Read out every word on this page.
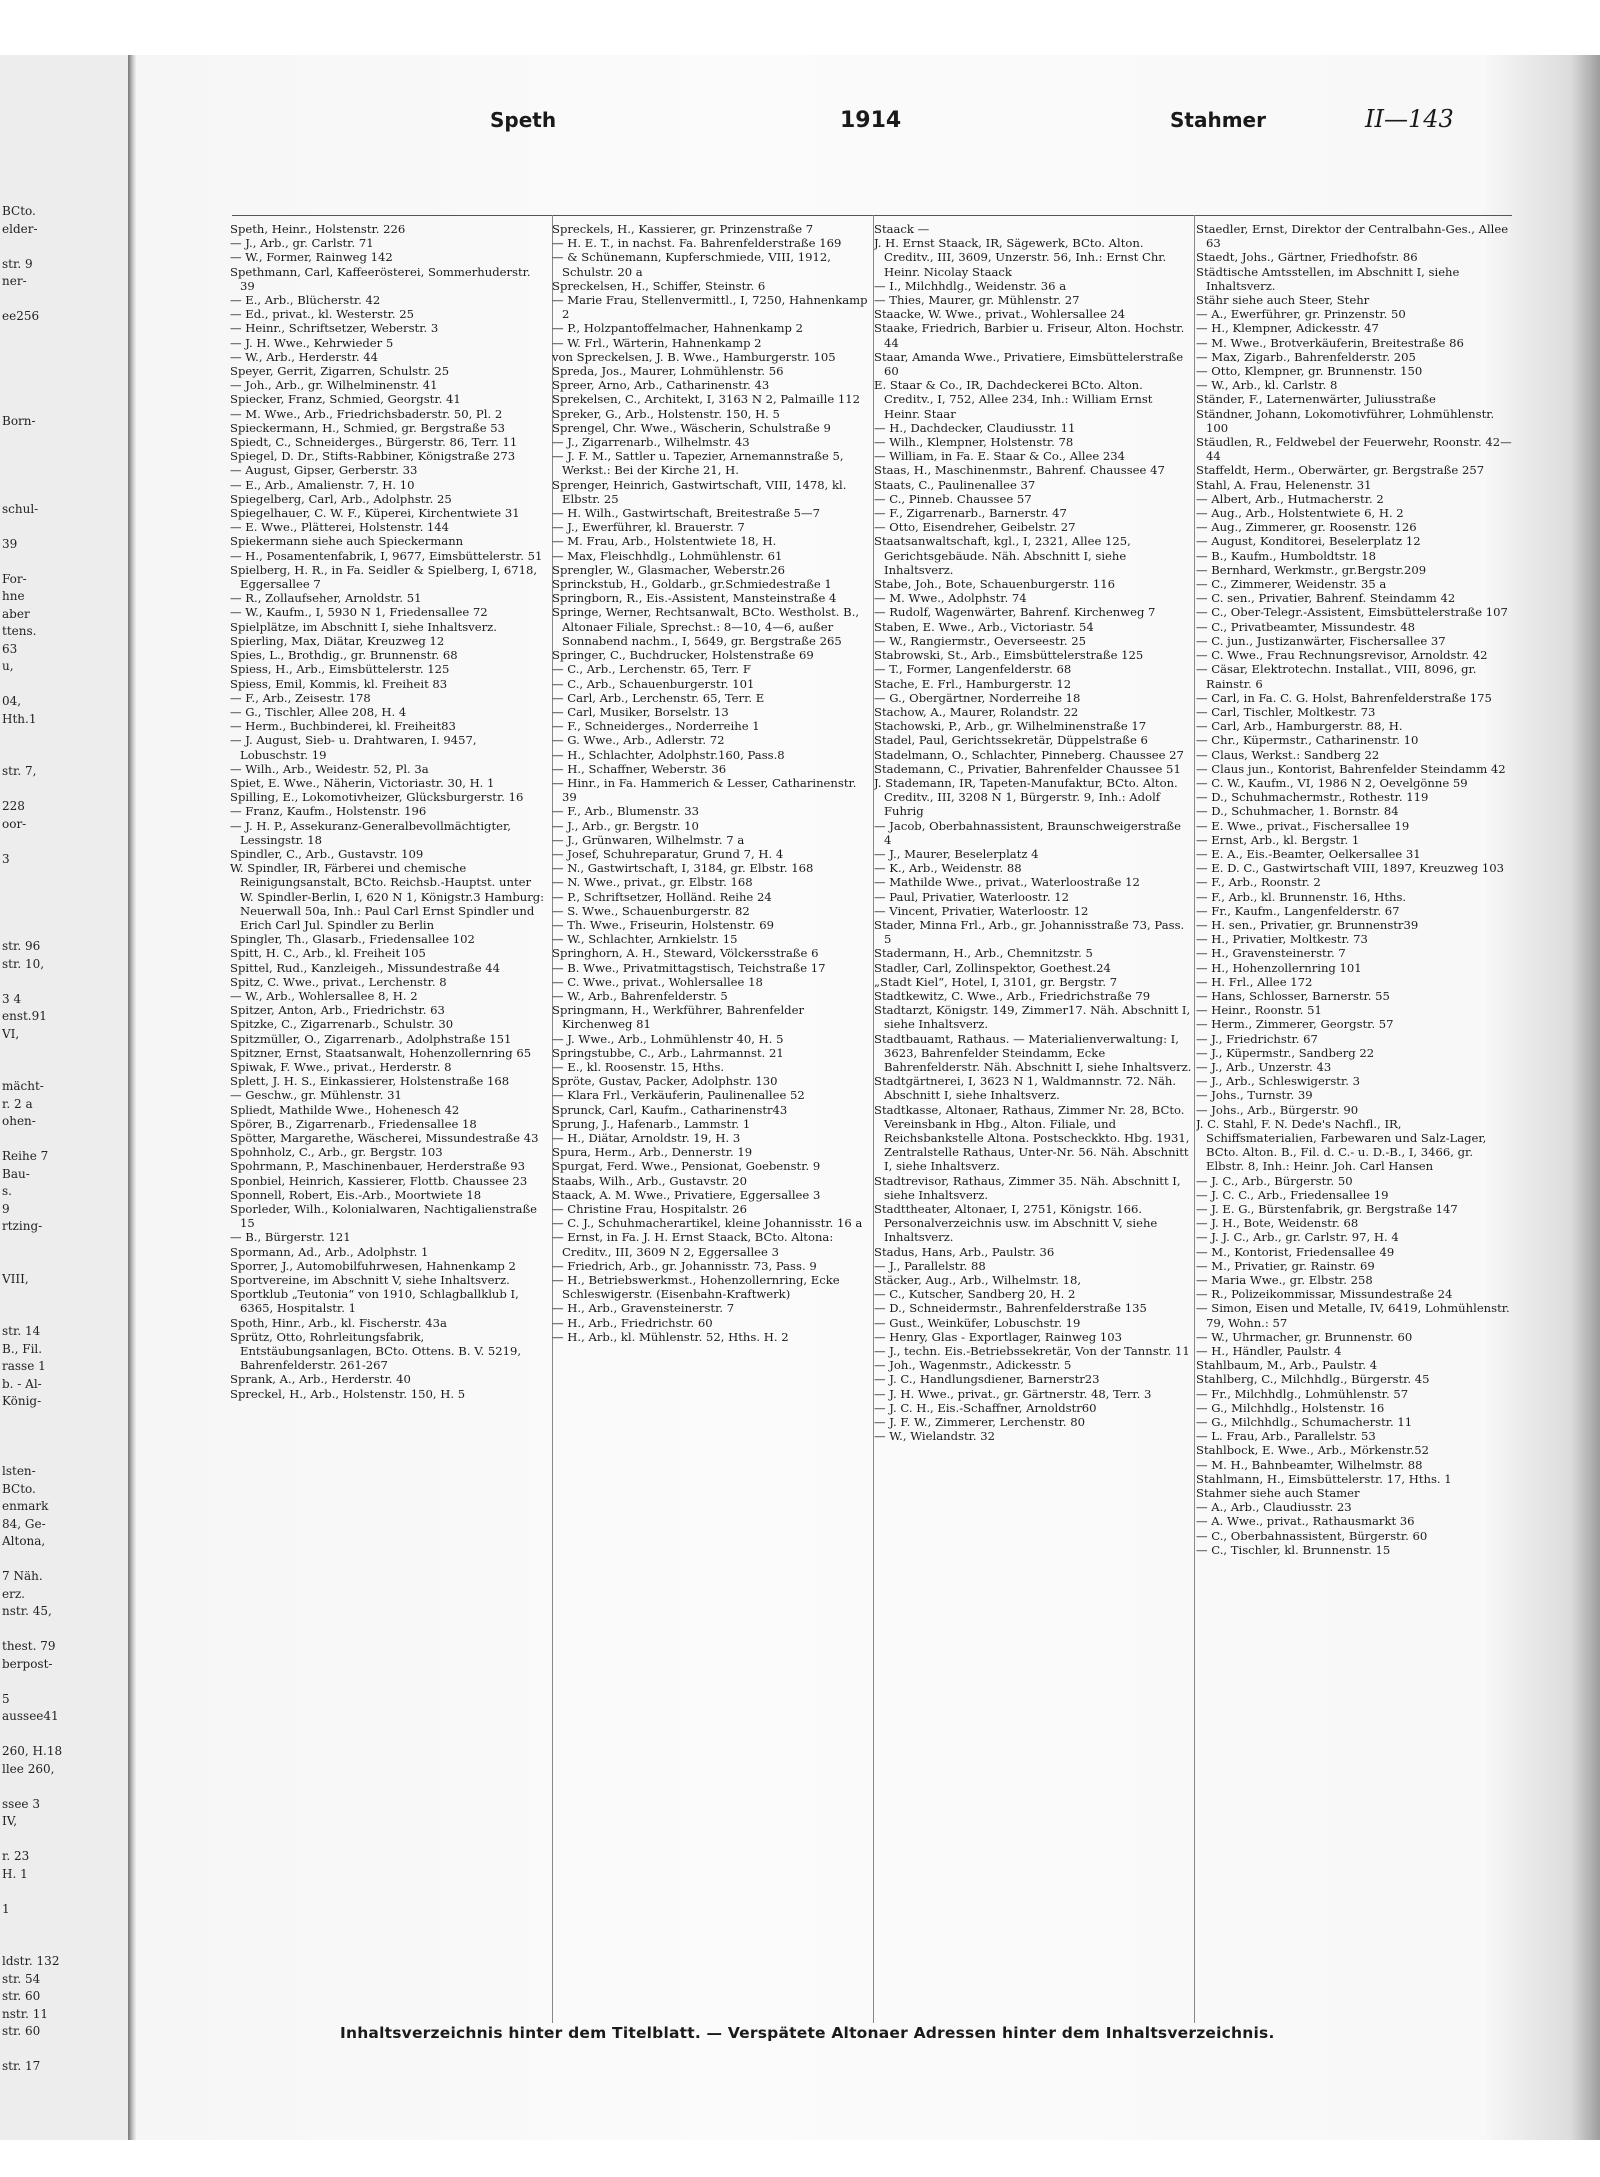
BCto.
elder-

str. 9
ner-

ee256

Born-

schul-

39

For-
hne
aber
ttens.
63
u,

04,
Hth.1

str. 7,

228
oor-

3

str. 96
str. 10,

3 4
enst.91
VI,

mächt-
r. 2 a
ohen-

Reihe 7
Bau-
s.
9
rtzing-

VIII,

str. 14
B., Fil.
rasse 1
b. - Al-
König-

lsten-
BCto.
enmark
84, Ge-
Altona,

7 Näh.
erz.
nstr. 45,

thest. 79
berpost-

5
aussee41

260, H.18
llee 260,

ssee 3
IV,

r. 23
H. 1

1

ldstr. 132
str. 54
str. 60
nstr. 11
str. 60

str. 17
Speth	1914	Stahmer	II—143

Speth, Heinr., Holstenstr. 226

— J., Arb., gr. Carlstr. 71

— W., Former, Rainweg 142

Spethmann, Carl, Kaffeerösterei, Sommerhuderstr. 39

— E., Arb., Blücherstr. 42

— Ed., privat., kl. Westerstr. 25

— Heinr., Schriftsetzer, Weberstr. 3

— J. H. Wwe., Kehrwieder 5

— W., Arb., Herderstr. 44

Speyer, Gerrit, Zigarren, Schulstr. 25

— Joh., Arb., gr. Wilhelminenstr. 41

Spiecker, Franz, Schmied, Georgstr. 41

— M. Wwe., Arb., Friedrichsbaderstr. 50, Pl. 2

Spieckermann, H., Schmied, gr. Bergstraße 53

Spiedt, C., Schneiderges., Bürgerstr. 86, Terr. 11

Spiegel, D. Dr., Stifts-Rabbiner, Königstraße 273

— August, Gipser, Gerberstr. 33

— E., Arb., Amalienstr. 7, H. 10

Spiegelberg, Carl, Arb., Adolphstr. 25

Spiegelhauer, C. W. F., Küperei, Kirchentwiete 31

— E. Wwe., Plätterei, Holstenstr. 144

Spiekermann siehe auch Spieckermann

— H., Posamentenfabrik, I, 9677, Eimsbüttelerstr. 51

Spielberg, H. R., in Fa. Seidler & Spielberg, I, 6718, Eggersallee 7

— R., Zollaufseher, Arnoldstr. 51

— W., Kaufm., I, 5930 N 1, Friedensallee 72

Spielplätze, im Abschnitt I, siehe Inhaltsverz.

Spierling, Max, Diätar, Kreuzweg 12

Spies, L., Brothdig., gr. Brunnenstr. 68

Spiess, H., Arb., Eimsbüttelerstr. 125

Spiess, Emil, Kommis, kl. Freiheit 83

— F., Arb., Zeisestr. 178

— G., Tischler, Allee 208, H. 4

— Herm., Buchbinderei, kl. Freiheit83

— J. August, Sieb- u. Drahtwaren, I. 9457, Lobuschstr. 19

— Wilh., Arb., Weidestr. 52, Pl. 3a

Spiet, E. Wwe., Näherin, Victoriastr. 30, H. 1

Spilling, E., Lokomotivheizer, Glücksburgerstr. 16

— Franz, Kaufm., Holstenstr. 196

— J. H. P., Assekuranz-Generalbevollmächtigter, Lessingstr. 18

Spindler, C., Arb., Gustavstr. 109

W. Spindler, IR, Färberei und chemische Reinigungsanstalt, BCto. Reichsb.-Hauptst. unter W. Spindler-Berlin, I, 620 N 1, Königstr.3 Hamburg: Neuerwall 50a, Inh.: Paul Carl Ernst Spindler und Erich Carl Jul. Spindler zu Berlin

Spingler, Th., Glasarb., Friedensallee 102

Spitt, H. C., Arb., kl. Freiheit 105

Spittel, Rud., Kanzleigeh., Missundestraße 44

Spitz, C. Wwe., privat., Lerchenstr. 8

— W., Arb., Wohlersallee 8, H. 2

Spitzer, Anton, Arb., Friedrichstr. 63

Spitzke, C., Zigarrenarb., Schulstr. 30

Spitzmüller, O., Zigarrenarb., Adolphstraße 151

Spitzner, Ernst, Staatsanwalt, Hohenzollernring 65

Spiwak, F. Wwe., privat., Herderstr. 8

Splett, J. H. S., Einkassierer, Holstenstraße 168

— Geschw., gr. Mühlenstr. 31

Spliedt, Mathilde Wwe., Hohenesch 42

Spörer, B., Zigarrenarb., Friedensallee 18

Spötter, Margarethe, Wäscherei, Missundestraße 43

Spohnholz, C., Arb., gr. Bergstr. 103

Spohrmann, P., Maschinenbauer, Herderstraße 93

Sponbiel, Heinrich, Kassierer, Flottb. Chaussee 23

Sponnell, Robert, Eis.-Arb., Moortwiete 18

Sporleder, Wilh., Kolonialwaren, Nachtigalienstraße 15

— B., Bürgerstr. 121

Spormann, Ad., Arb., Adolphstr. 1

Sporrer, J., Automobilfuhrwesen, Hahnenkamp 2

Sportvereine, im Abschnitt V, siehe Inhaltsverz.

Sportklub „Teutonia“ von 1910, Schlagballklub I, 6365, Hospitalstr. 1

Spoth, Hinr., Arb., kl. Fischerstr. 43a

Sprütz, Otto, Rohrleitungsfabrik, Entstäubungsanlagen, BCto. Ottens. B. V. 5219, Bahrenfelderstr. 261-267

Sprank, A., Arb., Herderstr. 40

Spreckel, H., Arb., Holstenstr. 150, H. 5

Spreckels, H., Kassierer, gr. Prinzenstraße 7

— H. E. T., in nachst. Fa. Bahrenfelderstraße 169

— & Schünemann, Kupferschmiede, VIII, 1912, Schulstr. 20 a

Spreckelsen, H., Schiffer, Steinstr. 6

— Marie Frau, Stellenvermittl., I, 7250, Hahnenkamp 2

— P., Holzpantoffelmacher, Hahnenkamp 2

— W. Frl., Wärterin, Hahnenkamp 2

von Spreckelsen, J. B. Wwe., Hamburgerstr. 105

Spreda, Jos., Maurer, Lohmühlenstr. 56

Spreer, Arno, Arb., Catharinenstr. 43

Sprekelsen, C., Architekt, I, 3163 N 2, Palmaille 112

Spreker, G., Arb., Holstenstr. 150, H. 5

Sprengel, Chr. Wwe., Wäscherin, Schulstraße 9

— J., Zigarrenarb., Wilhelmstr. 43

— J. F. M., Sattler u. Tapezier, Arnemannstraße 5, Werkst.: Bei der Kirche 21, H.

Sprenger, Heinrich, Gastwirtschaft, VIII, 1478, kl. Elbstr. 25

— H. Wilh., Gastwirtschaft, Breitestraße 5—7

— J., Ewerführer, kl. Brauerstr. 7

— M. Frau, Arb., Holstentwiete 18, H.

— Max, Fleischhdlg., Lohmühlenstr. 61

Sprengler, W., Glasmacher, Weberstr.26

Sprinckstub, H., Goldarb., gr.Schmiedestraße 1

Springborn, R., Eis.-Assistent, Mansteinstraße 4

Springe, Werner, Rechtsanwalt, BCto. Westholst. B., Altonaer Filiale, Sprechst.: 8—10, 4—6, außer Sonnabend nachm., I, 5649, gr. Bergstraße 265

Springer, C., Buchdrucker, Holstenstraße 69

— C., Arb., Lerchenstr. 65, Terr. F

— C., Arb., Schauenburgerstr. 101

— Carl, Arb., Lerchenstr. 65, Terr. E

— Carl, Musiker, Borselstr. 13

— F., Schneiderges., Norderreihe 1

— G. Wwe., Arb., Adlerstr. 72

— H., Schlachter, Adolphstr.160, Pass.8

— H., Schaffner, Weberstr. 36

— Hinr., in Fa. Hammerich & Lesser, Catharinenstr. 39

— F., Arb., Blumenstr. 33

— J., Arb., gr. Bergstr. 10

— J., Grünwaren, Wilhelmstr. 7 a

— Josef, Schuhreparatur, Grund 7, H. 4

— N., Gastwirtschaft, I, 3184, gr. Elbstr. 168

— N. Wwe., privat., gr. Elbstr. 168

— P., Schriftsetzer, Holländ. Reihe 24

— S. Wwe., Schauenburgerstr. 82

— Th. Wwe., Friseurin, Holstenstr. 69

— W., Schlachter, Arnkielstr. 15

Springhorn, A. H., Steward, Völckersstraße 6

— B. Wwe., Privatmittagstisch, Teichstraße 17

— C. Wwe., privat., Wohlersallee 18

— W., Arb., Bahrenfelderstr. 5

Springmann, H., Werkführer, Bahrenfelder Kirchenweg 81

— J. Wwe., Arb., Lohmühlenstr 40, H. 5

Springstubbe, C., Arb., Lahrmannst. 21

— E., kl. Roosenstr. 15, Hths.

Spröte, Gustav, Packer, Adolphstr. 130

— Klara Frl., Verkäuferin, Paulinenallee 52

Sprunck, Carl, Kaufm., Catharinenstr43

Sprung, J., Hafenarb., Lammstr. 1

— H., Diätar, Arnoldstr. 19, H. 3

Spura, Herm., Arb., Dennerstr. 19

Spurgat, Ferd. Wwe., Pensionat, Goebenstr. 9

Staabs, Wilh., Arb., Gustavstr. 20

Staack, A. M. Wwe., Privatiere, Eggersallee 3

— Christine Frau, Hospitalstr. 26

— C. J., Schuhmacherartikel, kleine Johannisstr. 16 a

— Ernst, in Fa. J. H. Ernst Staack, BCto. Altona: Creditv., III, 3609 N 2, Eggersallee 3

— Friedrich, Arb., gr. Johannisstr. 73, Pass. 9

— H., Betriebswerkmst., Hohenzollernring, Ecke Schleswigerstr. (Eisenbahn-Kraftwerk)

— H., Arb., Gravensteinerstr. 7

— H., Arb., Friedrichstr. 60

— H., Arb., kl. Mühlenstr. 52, Hths. H. 2

Staack —

J. H. Ernst Staack, IR, Sägewerk, BCto. Alton. Creditv., III, 3609, Unzerstr. 56, Inh.: Ernst Chr. Heinr. Nicolay Staack

— I., Milchhdlg., Weidenstr. 36 a

— Thies, Maurer, gr. Mühlenstr. 27

Staacke, W. Wwe., privat., Wohlersallee 24

Staake, Friedrich, Barbier u. Friseur, Alton. Hochstr. 44

Staar, Amanda Wwe., Privatiere, Eimsbüttelerstraße 60

E. Staar & Co., IR, Dachdeckerei BCto. Alton. Creditv., I, 752, Allee 234, Inh.: William Ernst Heinr. Staar

— H., Dachdecker, Claudiusstr. 11

— Wilh., Klempner, Holstenstr. 78

— William, in Fa. E. Staar & Co., Allee 234

Staas, H., Maschinenmstr., Bahrenf. Chaussee 47

Staats, C., Paulinenallee 37

— C., Pinneb. Chaussee 57

— F., Zigarrenarb., Barnerstr. 47

— Otto, Eisendreher, Geibelstr. 27

Staatsanwaltschaft, kgl., I, 2321, Allee 125, Gerichtsgebäude. Näh. Abschnitt I, siehe Inhaltsverz.

Stabe, Joh., Bote, Schauenburgerstr. 116

— M. Wwe., Adolphstr. 74

— Rudolf, Wagenwärter, Bahrenf. Kirchenweg 7

Staben, E. Wwe., Arb., Victoriastr. 54

— W., Rangiermstr., Oeverseestr. 25

Stabrowski, St., Arb., Eimsbüttelerstraße 125

— T., Former, Langenfelderstr. 68

Stache, E. Frl., Hamburgerstr. 12

— G., Obergärtner, Norderreihe 18

Stachow, A., Maurer, Rolandstr. 22

Stachowski, P., Arb., gr. Wilhelminenstraße 17

Stadel, Paul, Gerichtssekretär, Düppelstraße 6

Stadelmann, O., Schlachter, Pinneberg. Chaussee 27

Stademann, C., Privatier, Bahrenfelder Chaussee 51

J. Stademann, IR, Tapeten-Manufaktur, BCto. Alton. Creditv., III, 3208 N 1, Bürgerstr. 9, Inh.: Adolf Fuhrig

— Jacob, Oberbahnassistent, Braunschweigerstraße 4

— J., Maurer, Beselerplatz 4

— K., Arb., Weidenstr. 88

— Mathilde Wwe., privat., Waterloostraße 12

— Paul, Privatier, Waterloostr. 12

— Vincent, Privatier, Waterloostr. 12

Stader, Minna Frl., Arb., gr. Johannisstraße 73, Pass. 5

Stadermann, H., Arb., Chemnitzstr. 5

Stadler, Carl, Zollinspektor, Goethest.24

„Stadt Kiel“, Hotel, I, 3101, gr. Bergstr. 7

Stadtkewitz, C. Wwe., Arb., Friedrichstraße 79

Stadtarzt, Königstr. 149, Zimmer17. Näh. Abschnitt I, siehe Inhaltsverz.

Stadtbauamt, Rathaus. — Materialienverwaltung: I, 3623, Bahrenfelder Steindamm, Ecke Bahrenfelderstr. Näh. Abschnitt I, siehe Inhaltsverz.

Stadtgärtnerei, I, 3623 N 1, Waldmannstr. 72. Näh. Abschnitt I, siehe Inhaltsverz.

Stadtkasse, Altonaer, Rathaus, Zimmer Nr. 28, BCto. Vereinsbank in Hbg., Alton. Filiale, und Reichsbankstelle Altona. Postscheckkto. Hbg. 1931, Zentralstelle Rathaus, Unter-Nr. 56. Näh. Abschnitt I, siehe Inhaltsverz.

Stadtrevisor, Rathaus, Zimmer 35. Näh. Abschnitt I, siehe Inhaltsverz.

Stadttheater, Altonaer, I, 2751, Königstr. 166. Personalverzeichnis usw. im Abschnitt V, siehe Inhaltsverz.

Stadus, Hans, Arb., Paulstr. 36

— J., Parallelstr. 88

Stäcker, Aug., Arb., Wilhelmstr. 18,

— C., Kutscher, Sandberg 20, H. 2

— D., Schneidermstr., Bahrenfelderstraße 135

— Gust., Weinküfer, Lobuschstr. 19

— Henry, Glas - Exportlager, Rainweg 103

— J., techn. Eis.-Betriebssekretär, Von der Tannstr. 11

— Joh., Wagenmstr., Adickesstr. 5

— J. C., Handlungsdiener, Barnerstr23

— J. H. Wwe., privat., gr. Gärtnerstr. 48, Terr. 3

— J. C. H., Eis.-Schaffner, Arnoldstr60

— J. F. W., Zimmerer, Lerchenstr. 80

— W., Wielandstr. 32

Staedler, Ernst, Direktor der Centralbahn-Ges., Allee 63

Staedt, Johs., Gärtner, Friedhofstr. 86

Städtische Amtsstellen, im Abschnitt I, siehe Inhaltsverz.

Stähr siehe auch Steer, Stehr

— A., Ewerführer, gr. Prinzenstr. 50

— H., Klempner, Adickesstr. 47

— M. Wwe., Brotverkäuferin, Breitestraße 86

— Max, Zigarb., Bahrenfelderstr. 205

— Otto, Klempner, gr. Brunnenstr. 150

— W., Arb., kl. Carlstr. 8

Ständer, F., Laternenwärter, Juliusstraße

Ständner, Johann, Lokomotivführer, Lohmühlenstr. 100

Stäudlen, R., Feldwebel der Feuerwehr, Roonstr. 42—44

Staffeldt, Herm., Oberwärter, gr. Bergstraße 257

Stahl, A. Frau, Helenenstr. 31

— Albert, Arb., Hutmacherstr. 2

— Aug., Arb., Holstentwiete 6, H. 2

— Aug., Zimmerer, gr. Roosenstr. 126

— August, Konditorei, Beselerplatz 12

— B., Kaufm., Humboldtstr. 18

— Bernhard, Werkmstr., gr.Bergstr.209

— C., Zimmerer, Weidenstr. 35 a

— C. sen., Privatier, Bahrenf. Steindamm 42

— C., Ober-Telegr.-Assistent, Eimsbüttelerstraße 107

— C., Privatbeamter, Missundestr. 48

— C. jun., Justizanwärter, Fischersallee 37

— C. Wwe., Frau Rechnungsrevisor, Arnoldstr. 42

— Cäsar, Elektrotechn. Installat., VIII, 8096, gr. Rainstr. 6

— Carl, in Fa. C. G. Holst, Bahrenfelderstraße 175

— Carl, Tischler, Moltkestr. 73

— Carl, Arb., Hamburgerstr. 88, H.

— Chr., Küpermstr., Catharinenstr. 10

— Claus, Werkst.: Sandberg 22

— Claus jun., Kontorist, Bahrenfelder Steindamm 42

— C. W., Kaufm., VI, 1986 N 2, Oevelgönne 59

— D., Schuhmachermstr., Rothestr. 119

— D., Schuhmacher, 1. Bornstr. 84

— E. Wwe., privat., Fischersallee 19

— Ernst, Arb., kl. Bergstr. 1

— E. A., Eis.-Beamter, Oelkersallee 31

— E. D. C., Gastwirtschaft VIII, 1897, Kreuzweg 103

— F., Arb., Roonstr. 2

— F., Arb., kl. Brunnenstr. 16, Hths.

— Fr., Kaufm., Langenfelderstr. 67

— H. sen., Privatier, gr. Brunnenstr39

— H., Privatier, Moltkestr. 73

— H., Gravensteinerstr. 7

— H., Hohenzollernring 101

— H. Frl., Allee 172

— Hans, Schlosser, Barnerstr. 55

— Heinr., Roonstr. 51

— Herm., Zimmerer, Georgstr. 57

— J., Friedrichstr. 67

— J., Küpermstr., Sandberg 22

— J., Arb., Unzerstr. 43

— J., Arb., Schleswigerstr. 3

— Johs., Turnstr. 39

— Johs., Arb., Bürgerstr. 90

J. C. Stahl, F. N. Dede's Nachfl., IR, Schiffsmaterialien, Farbewaren und Salz-Lager, BCto. Alton. B., Fil. d. C.- u. D.-B., I, 3466, gr. Elbstr. 8, Inh.: Heinr. Joh. Carl Hansen

— J. C., Arb., Bürgerstr. 50

— J. C. C., Arb., Friedensallee 19

— J. E. G., Bürstenfabrik, gr. Bergstraße 147

— J. H., Bote, Weidenstr. 68

— J. J. C., Arb., gr. Carlstr. 97, H. 4

— M., Kontorist, Friedensallee 49

— M., Privatier, gr. Rainstr. 69

— Maria Wwe., gr. Elbstr. 258

— R., Polizeikommissar, Missundestraße 24

— Simon, Eisen und Metalle, IV, 6419, Lohmühlenstr. 79, Wohn.: 57

— W., Uhrmacher, gr. Brunnenstr. 60

— H., Händler, Paulstr. 4

Stahlbaum, M., Arb., Paulstr. 4

Stahlberg, C., Milchhdlg., Bürgerstr. 45

— Fr., Milchhdlg., Lohmühlenstr. 57

— G., Milchhdlg., Holstenstr. 16

— G., Milchhdlg., Schumacherstr. 11

— L. Frau, Arb., Parallelstr. 53

Stahlbock, E. Wwe., Arb., Mörkenstr.52

— M. H., Bahnbeamter, Wilhelmstr. 88

Stahlmann, H., Eimsbüttelerstr. 17, Hths. 1

Stahmer siehe auch Stamer

— A., Arb., Claudiusstr. 23

— A. Wwe., privat., Rathausmarkt 36

— C., Oberbahnassistent, Bürgerstr. 60

— C., Tischler, kl. Brunnenstr. 15

Inhaltsverzeichnis hinter dem Titelblatt. — Verspätete Altonaer Adressen hinter dem Inhaltsverzeichnis.
